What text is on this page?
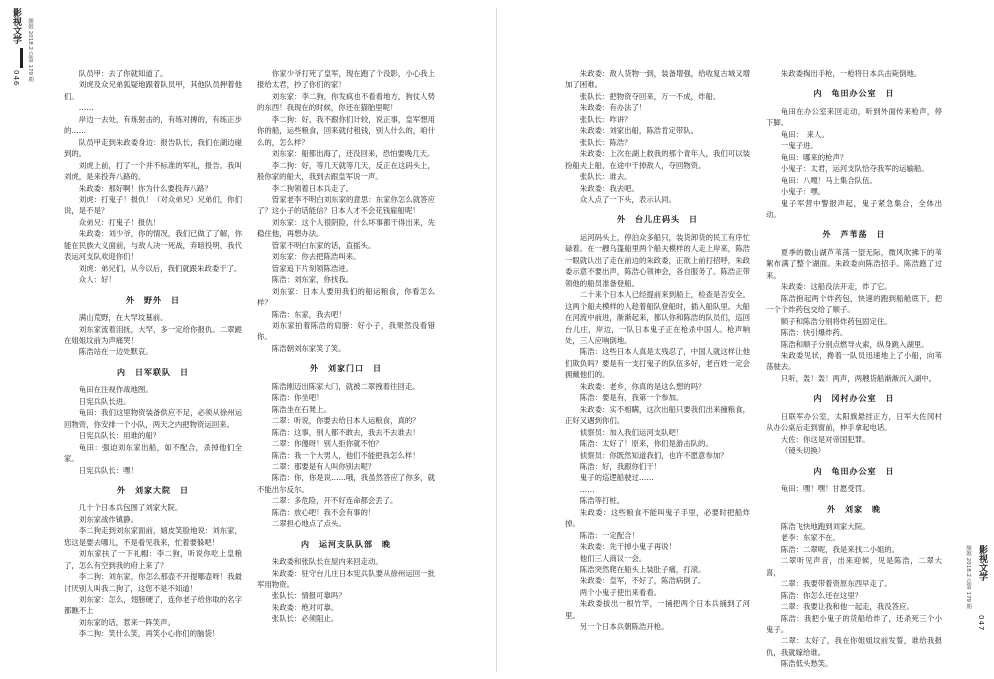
影视文学	舰娘 2018.2 总第 179 期
046	队员甲：去了你就知道了。

刘虎及众兄弟狐疑地跟着队员甲，其他队员押着他们。

……

岸边一去处，有炼射击的，有练对搏的，有练正步的……

队员甲走到朱政委身边：报告队长，我们在湖边碰到的。

刘虎上前，打了一个并不标准的军礼，报告。我叫刘虎，是来投奔八路的。

朱政委：那好啊！你为什么要投奔八路？

刘虎：打鬼子！报仇！（对众弟兄）兄弟们，你们说，是不是？

众弟兄：打鬼子！报仇！

朱政委：刘少爷，你的情况，我们已做了了解，你能在民族大义面前，与敌人决一死战，弃暗投明，我代表运河支队欢迎你们！

刘虎：弟兄们，从今以后，我们就跟朱政委干了。

众人：好！

外　野外　日

满山荒野，在大罕坟墓前。

刘东家流着泪抚，大罕，多一定给你报仇。二翠跪在姐姐坟前为声痛哭！

陈浩站在一边处默哀。

内　日军联队　日

龟田在注视作战地图。

日宪兵队长进。

龟田：我们这里物资装备供应不足，必须从徐州运回物资，你安排一个小队，两天之内把物资运回来。

日宪兵队长：用谁的船？

龟田：强迫刘东家出船，如不配合，杀掉他们全家。

日宪兵队长：嘿！

外　刘家大院　日

几十个日本兵包围了刘家大院。

刘东家战作镇静。

李二狗走到刘东家面前，嬉皮笑脸地说：刘东家，您这是要去哪儿，不是看见我来，忙着要躲吧！

刘东家扶了一下礼帽：李二狗，听说你吃上皇粮了，怎么有空到我的府上来了？

李二狗：刘东家，你怎么那壶不开提哪壶呀！我最讨厌别人叫我二狗了，这您不是不知道！

刘东家：怎么，翅膀硬了，连你老子给你取的名字都瞧不上

刘东家的话，惹来一阵笑声。

李二狗：笑什么笑，再笑小心你们的脑袋！

你家少爷打死了皇军，现在跑了个没影，小心我上报给太君，抄了你们的家！

刘东家：李二狗，你发疯也不看看地方，狗仗人势的东西！我现在的时候，你还在猫胎里呢！

李二狗：好，我不跟你们计较，说正事，皇军想用你的船，运些粮食，回来就付租钱，别人什么的，咱什么的，怎么样？

刘东家：船都出海了，还没回来，恐怕要晚几天。

李二狗：好，等几天就等几天，反正在这码头上，般你家的船大，我到去跟皇军说一声。

李二狗领着日本兵走了。

管家老李不明白刘东家的意思：东家你怎么就答应了？这小子的话能信？日本人才不会花钱雇船呢！

刘东家：这个人很阴险，什么坏事都干得出来，先稳住他，再想办法。

管家不明白东家的话，直摇头。

刘东家：你去把陈浩叫来。

管家追下片刻领陈浩进。

陈浩：刘东家，你找我。

刘东家：日本人要用我们的船运粮食，你看怎么样？

陈浩：东家，我去吧！

刘东家拍着陈浩的肩膀：好小子，我果然没看错你。

陈浩朝刘东家笑了笑。

外　刘家门口　日

陈浩刚迈出陈家大门，就被二翠拽着往回走。

陈浩：你坐吧！

陈浩坐在石凳上。

二翠：听说，你要去给日本人运粮食，真的？

陈浩：这事，别人都不敢去，我去不去谁去！

二翠：你傻呀！别人拒你就不怕？

陈浩：我一个大男人，他们不能把我怎么样！

二翠：那要是有人叫你别去呢？

陈浩：你，你是说……哦，我虽然答应了你多，就不能出尔反尔。

二翠：多危险，开不好连命都会丢了。

陈浩：放心吧！我不会有事的！

二翠担心地点了点头。

内　运河支队队部　晚

朱政委和张队长在屋内来回走动。

朱政委：驻守台儿庄日本宪兵队要从徐州运回一批军用物资。

张队长：情报可靠吗？

朱政委：绝对可靠。

张队长：必须阻止。

朱政委：敌人货物一到，装备增强，给收复古城又增加了困难。

张队长：把物资夺回来，万一不成，炸船。

朱政委：有办法了！

张队长：咋讲？

朱政委：刘家出船，陈浩肯定带队。

张队长：陈浩？

朱政委：上次在湖上救我的那个青年人，我们可以装扮船夫上船，在途中干掉敌人，夺回物资。

张队长：谁去。

朱政委：我去吧。

众人点了一下头，表示认同。

外　台儿庄码头　日

运河码头上，停泊众多船只，装货卸货的民工有序忙碌着。在一艘乌篷船里两个船夫模样的人走上岸来，陈浩一眼就认出了走在前边的朱政委，正欲上前打招呼，朱政委示意不要出声，陈浩心领神会，各自服务了。陈浩正带领他的船员准备登船。

二十来个日本人已经提前来到船上，检查是否安全。这两个船夫模样的人趁着船队登船时，插入船队里。大船在河流中前进，渐渐起来，都认你和陈浩的队员们，巡回台儿庄，岸边，一队日本鬼子正在枪杀中国人。枪声响处，三人应响倒地。

陈浩：这些日本人真是太残忍了，中国人就这样让他们欺负吗？要是有一支打鬼子的队伍多好，老百姓一定会拥戴他们的。

朱政委：老乡，你真的是这么想的吗？

陈浩：要是有，我第一个参加。

朱政委：实不相瞒，这次出船只要我们出来撞粮食，正好又遇到你们。

侦察员：加入我们运河支队吧！

陈浩：太好了！原来，你们是游击队的。

侦察员：你既然知道我们，也许不愿意参加？

陈浩：好，我跟你们干！

鬼子的巡逻船驶过……

……

陈浩等打桩。

朱政委：这些粮食不能叫鬼子手里，必要时把船炸掉。

陈浩：一定配合！

朱政委：先干掉小鬼子再说！

他们三人商议一会。

陈浩突然爬在船头上装肚子痛，打滚。

朱政委：皇军，不好了，陈浩病倒了。

两个小鬼子使出来看看。

朱政委拔出一根竹竿，一捅把两个日本兵捅到了河里。

另一个日本兵朝陈浩开枪。

朱政委掏出手枪，一枪将日本兵击毙倒地。

内　龟田办公室　日

龟田在办公室来回走动，听到外面传来枪声，停下脚。

龟田：　来人。

一鬼子进。

龟田：哪来的枪声？

小鬼子：太君，运河支队恰夺我军的运输船。

龟田：八嘎！马上集合队伍。

小鬼子：嘿。

鬼子军营中警报声起，鬼子紧急集合，全体出动。

外　芦苇荡　日

夏季的微山湖芦苇荡一望无际，微风吹拂下的苇絮布满了整个湖面。朱政委向陈浩招手。陈浩跑了过来。

朱政委：这船没法开走，炸了它。

陈浩抱起两个炸药包，快速的跑到船舱底下，把一个个炸药包交给了顺子。

顺子和陈浩分别将炸药包固定住。

陈浩：快引爆炸药。

陈浩和顺子分别点燃导火索，纵身跳入湖里。

朱政委见状，搀着一队员迅速地上了小船，向苇荡驶去。

只听，轰！轰！两声，两艘货船渐渐沉入湖中。

内　冈村办公室　日

日联军办公室，太阳旗悬挂正方，日军大佐冈村从办公桌后走到窗前，伸手拿起电话。

大佐：你这是对帝国犯罪。

（镜头切换）

内　龟田办公室　日

龟田：嘿！嘿！甘愿受罚。

外　刘家　晚

陈浩飞快地跑到刘家大院。

老李：东家不在。

陈浩：二翠呢，我是来找二小姐的。

二翠听见声音，出来迎候，见是陈浩，二翠大喜，

二翠：我要带着资原东西早走了。

陈浩：你怎么还在这里？

二翠：我要让我和他一起走，我没答应。

陈浩：我把小鬼子的货船给炸了，还杀死三个小鬼子。

二翠：太好了，我在你姐姐坟前发誓，谁给我报仇，我就嫁给谁。

陈浩低头愁笑。

舰娘 2018.2 总第 179 期 影视文学
047
